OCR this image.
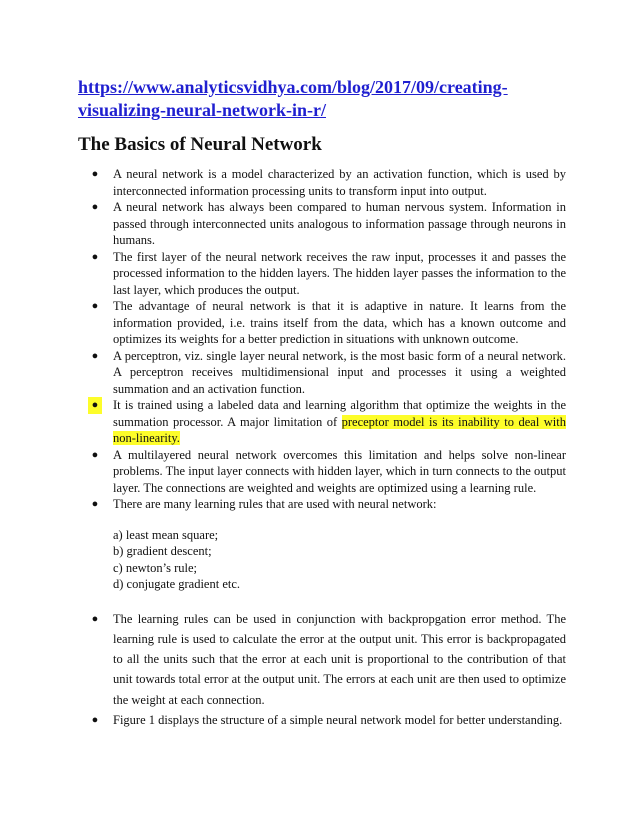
https://www.analyticsvidhya.com/blog/2017/09/creating-visualizing-neural-network-in-r/
The Basics of Neural Network
● A neural network is a model characterized by an activation function, which is used by interconnected information processing units to transform input into output.
● A neural network has always been compared to human nervous system. Information in passed through interconnected units analogous to information passage through neurons in humans.
● The first layer of the neural network receives the raw input, processes it and passes the processed information to the hidden layers. The hidden layer passes the information to the last layer, which produces the output.
● The advantage of neural network is that it is adaptive in nature. It learns from the information provided, i.e. trains itself from the data, which has a known outcome and optimizes its weights for a better prediction in situations with unknown outcome.
● A perceptron, viz. single layer neural network, is the most basic form of a neural network. A perceptron receives multidimensional input and processes it using a weighted summation and an activation function.
● It is trained using a labeled data and learning algorithm that optimize the weights in the summation processor. A major limitation of preceptor model is its inability to deal with non-linearity.
● A multilayered neural network overcomes this limitation and helps solve non-linear problems. The input layer connects with hidden layer, which in turn connects to the output layer. The connections are weighted and weights are optimized using a learning rule.
● There are many learning rules that are used with neural network:
a) least mean square;
b) gradient descent;
c) newton’s rule;
d) conjugate gradient etc.
● The learning rules can be used in conjunction with backpropgation error method. The learning rule is used to calculate the error at the output unit. This error is backpropagated to all the units such that the error at each unit is proportional to the contribution of that unit towards total error at the output unit. The errors at each unit are then used to optimize the weight at each connection.
● Figure 1 displays the structure of a simple neural network model for better understanding.
